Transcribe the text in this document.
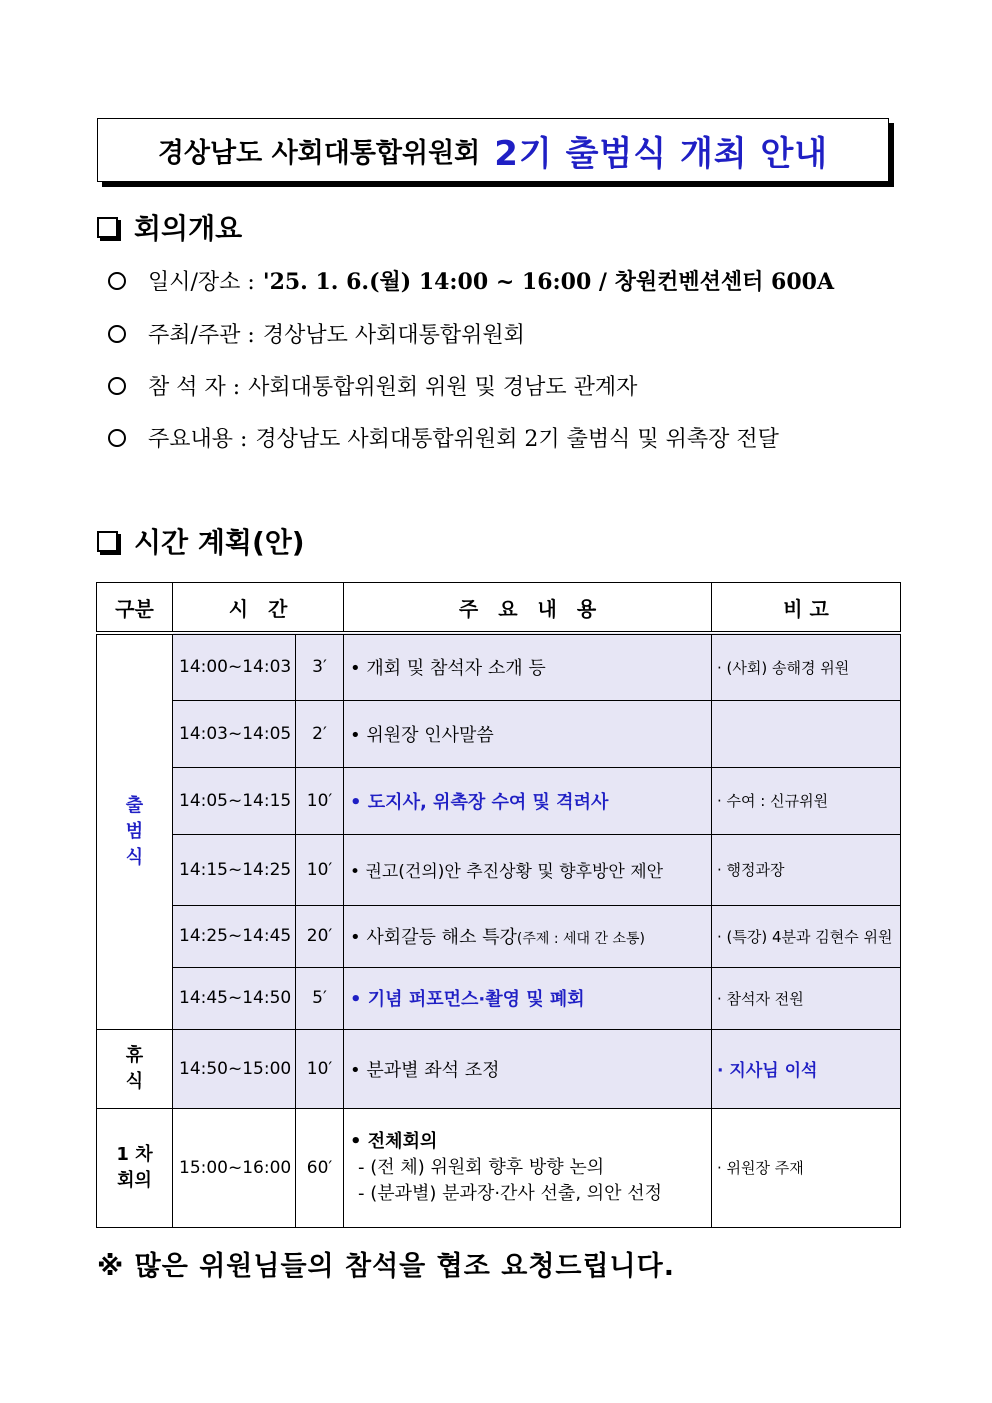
경상남도 사회대통합위원회 2기 출범식 개최 안내
회의개요
일시/장소 : '25. 1. 6.(월) 14:00 ~ 16:00 / 창원컨벤션센터 600A
주최/주관 : 경상남도 사회대통합위원회
참 석 자 : 사회대통합위원회 위원 및 경남도 관계자
주요내용 : 경상남도 사회대통합위원회 2기 출범식 및 위촉장 전달
시간 계획(안)
구분	시　간		주　요　내　용	비 고
출
범
식	14:00~14:03	3′	• 개회 및 참석자 소개 등	· (사회) 송해경 위원
	14:03~14:05	2′	• 위원장 인사말씀	
	14:05~14:15	10′	• 도지사, 위촉장 수여 및 격려사	· 수여 : 신규위원
	14:15~14:25	10′	• 권고(건의)안 추진상황 및 향후방안 제안	· 행정과장
	14:25~14:45	20′	• 사회갈등 해소 특강(주제 : 세대 간 소통)	· (특강) 4분과 김현수 위원
	14:45~14:50	5′	• 기념 퍼포먼스·촬영 및 폐회	· 참석자 전원
휴
식	14:50~15:00	10′	• 분과별 좌석 조정	· 지사님 이석
1 차
회의	15:00~16:00	60′	• 전체회의
- (전 체) 위원회 향후 방향 논의
- (분과별) 분과장·간사 선출, 의안 선정	· 위원장 주재
※ 많은 위원님들의 참석을 협조 요청드립니다.
